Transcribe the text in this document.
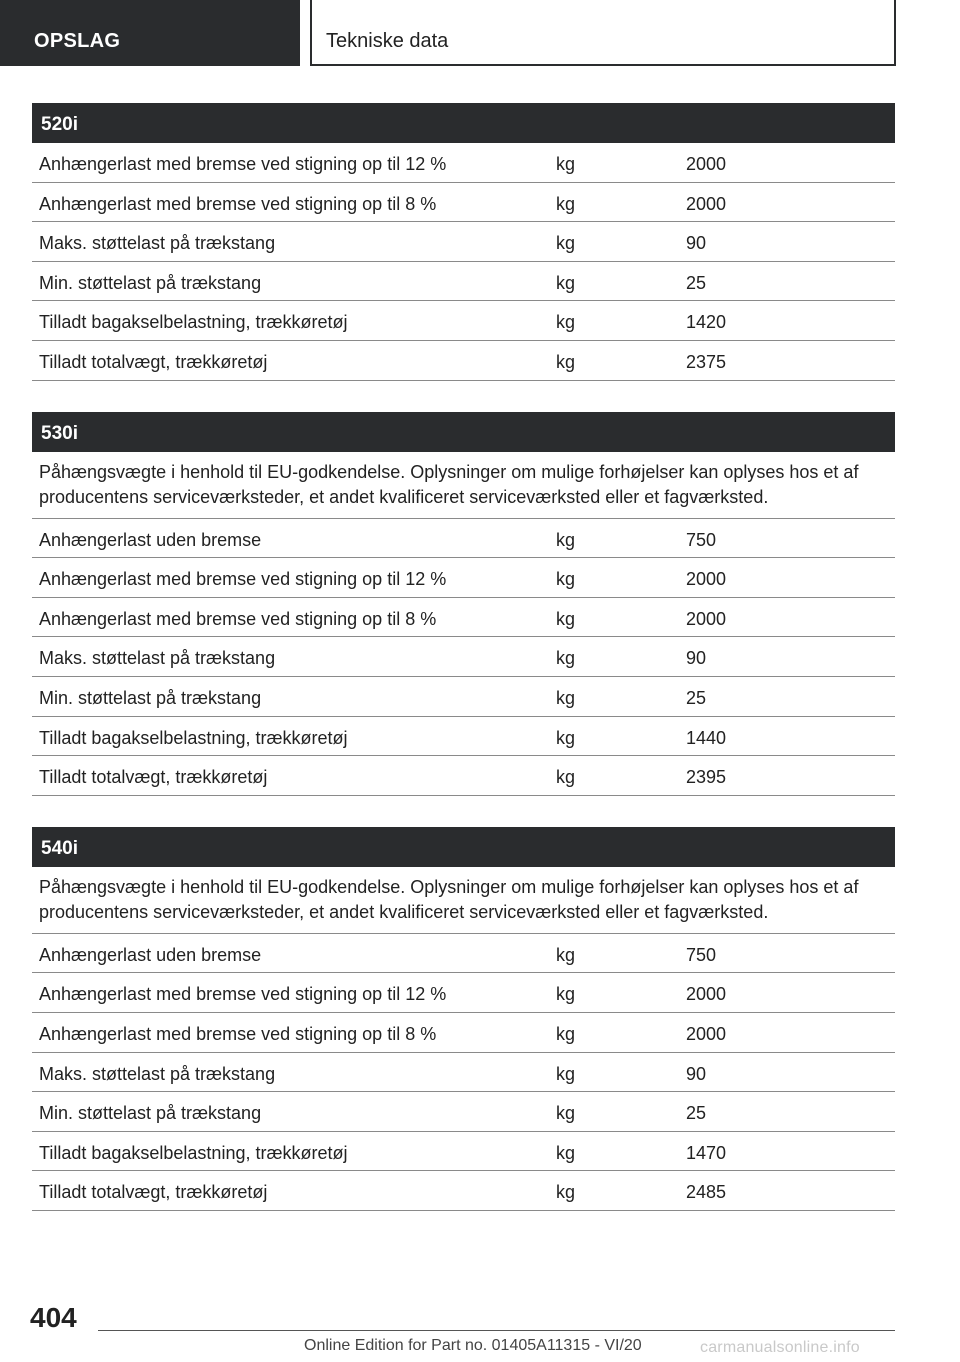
OPSLAG	Tekniske data
520i
Anhængerlast med bremse ved stigning op til 12 %	kg	2000
Anhængerlast med bremse ved stigning op til 8 %	kg	2000
Maks. støttelast på trækstang	kg	90
Min. støttelast på trækstang	kg	25
Tilladt bagakselbelastning, trækkøretøj	kg	1420
Tilladt totalvægt, trækkøretøj	kg	2375
530i
Påhængsvægte i henhold til EU-godkendelse. Oplysninger om mulige forhøjelser kan oplyses hos et af producentens serviceværksteder, et andet kvalificeret serviceværksted eller et fagværksted.
Anhængerlast uden bremse	kg	750
Anhængerlast med bremse ved stigning op til 12 %	kg	2000
Anhængerlast med bremse ved stigning op til 8 %	kg	2000
Maks. støttelast på trækstang	kg	90
Min. støttelast på trækstang	kg	25
Tilladt bagakselbelastning, trækkøretøj	kg	1440
Tilladt totalvægt, trækkøretøj	kg	2395
540i
Påhængsvægte i henhold til EU-godkendelse. Oplysninger om mulige forhøjelser kan oplyses hos et af producentens serviceværksteder, et andet kvalificeret serviceværksted eller et fagværksted.
Anhængerlast uden bremse	kg	750
Anhængerlast med bremse ved stigning op til 12 %	kg	2000
Anhængerlast med bremse ved stigning op til 8 %	kg	2000
Maks. støttelast på trækstang	kg	90
Min. støttelast på trækstang	kg	25
Tilladt bagakselbelastning, trækkøretøj	kg	1470
Tilladt totalvægt, trækkøretøj	kg	2485
404
Online Edition for Part no. 01405A11315 - VI/20	carmanualsonline.info
